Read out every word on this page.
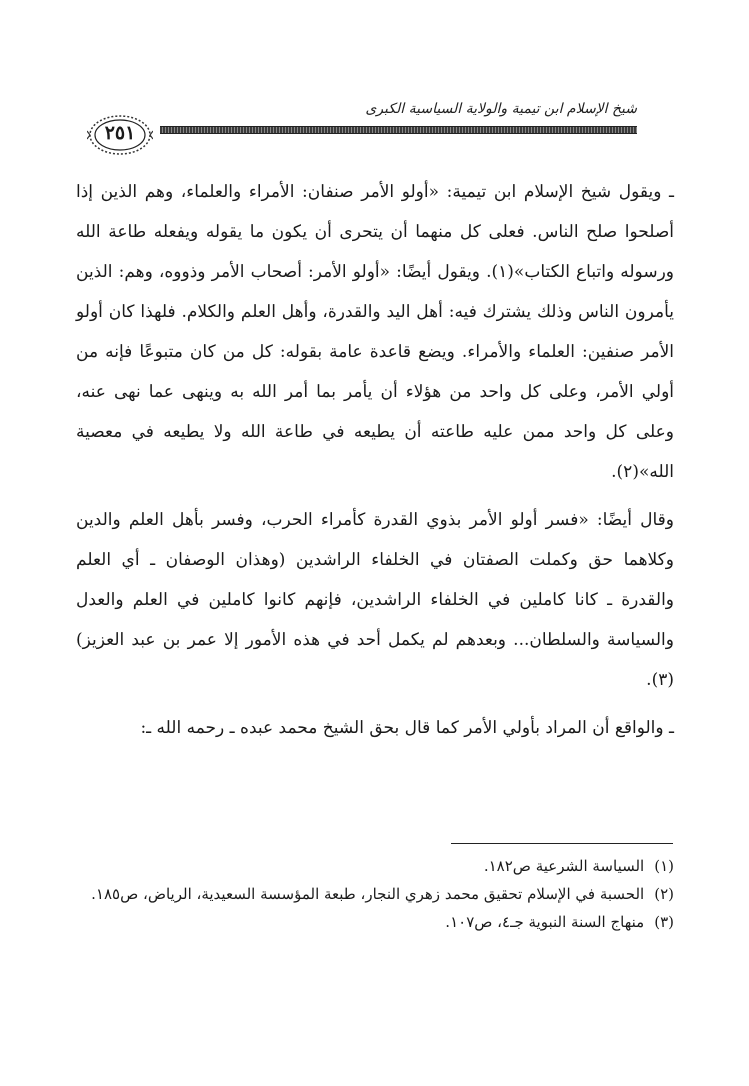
شيخ الإسلام ابن تيمية والولاية السياسية الكبرى
٢٥١

ـ ويقول شيخ الإسلام ابن تيمية: «أولو الأمر صنفان: الأمراء والعلماء، وهم الذين إذا أصلحوا صلح الناس. فعلى كل منهما أن يتحرى أن يكون ما يقوله ويفعله طاعة الله ورسوله واتباع الكتاب»(١). ويقول أيضًا: «أولو الأمر: أصحاب الأمر وذووه، وهم: الذين يأمرون الناس وذلك يشترك فيه: أهل اليد والقدرة، وأهل العلم والكلام. فلهذا كان أولو الأمر صنفين: العلماء والأمراء. ويضع قاعدة عامة بقوله: كل من كان متبوعًا فإنه من أولي الأمر، وعلى كل واحد من هؤلاء أن يأمر بما أمر الله به وينهى عما نهى عنه، وعلى كل واحد ممن عليه طاعته أن يطيعه في طاعة الله ولا يطيعه في معصية الله»(٢).

وقال أيضًا: «فسر أولو الأمر بذوي القدرة كأمراء الحرب، وفسر بأهل العلم والدين وكلاهما حق وكملت الصفتان في الخلفاء الراشدين (وهذان الوصفان ـ أي العلم والقدرة ـ كانا كاملين في الخلفاء الراشدين، فإنهم كانوا كاملين في العلم والعدل والسياسة والسلطان... وبعدهم لم يكمل أحد في هذه الأمور إلا عمر بن عبد العزيز)(٣).

ـ والواقع أن المراد بأولي الأمر كما قال بحق الشيخ محمد عبده ـ رحمه الله ـ:

(١)
السياسة الشرعية ص١٨٢.
(٢)
الحسبة في الإسلام تحقيق محمد زهري النجار، طبعة المؤسسة السعيدية، الرياض، ص١٨٥.
(٣)
منهاج السنة النبوية جـ٤، ص١٠٧.
